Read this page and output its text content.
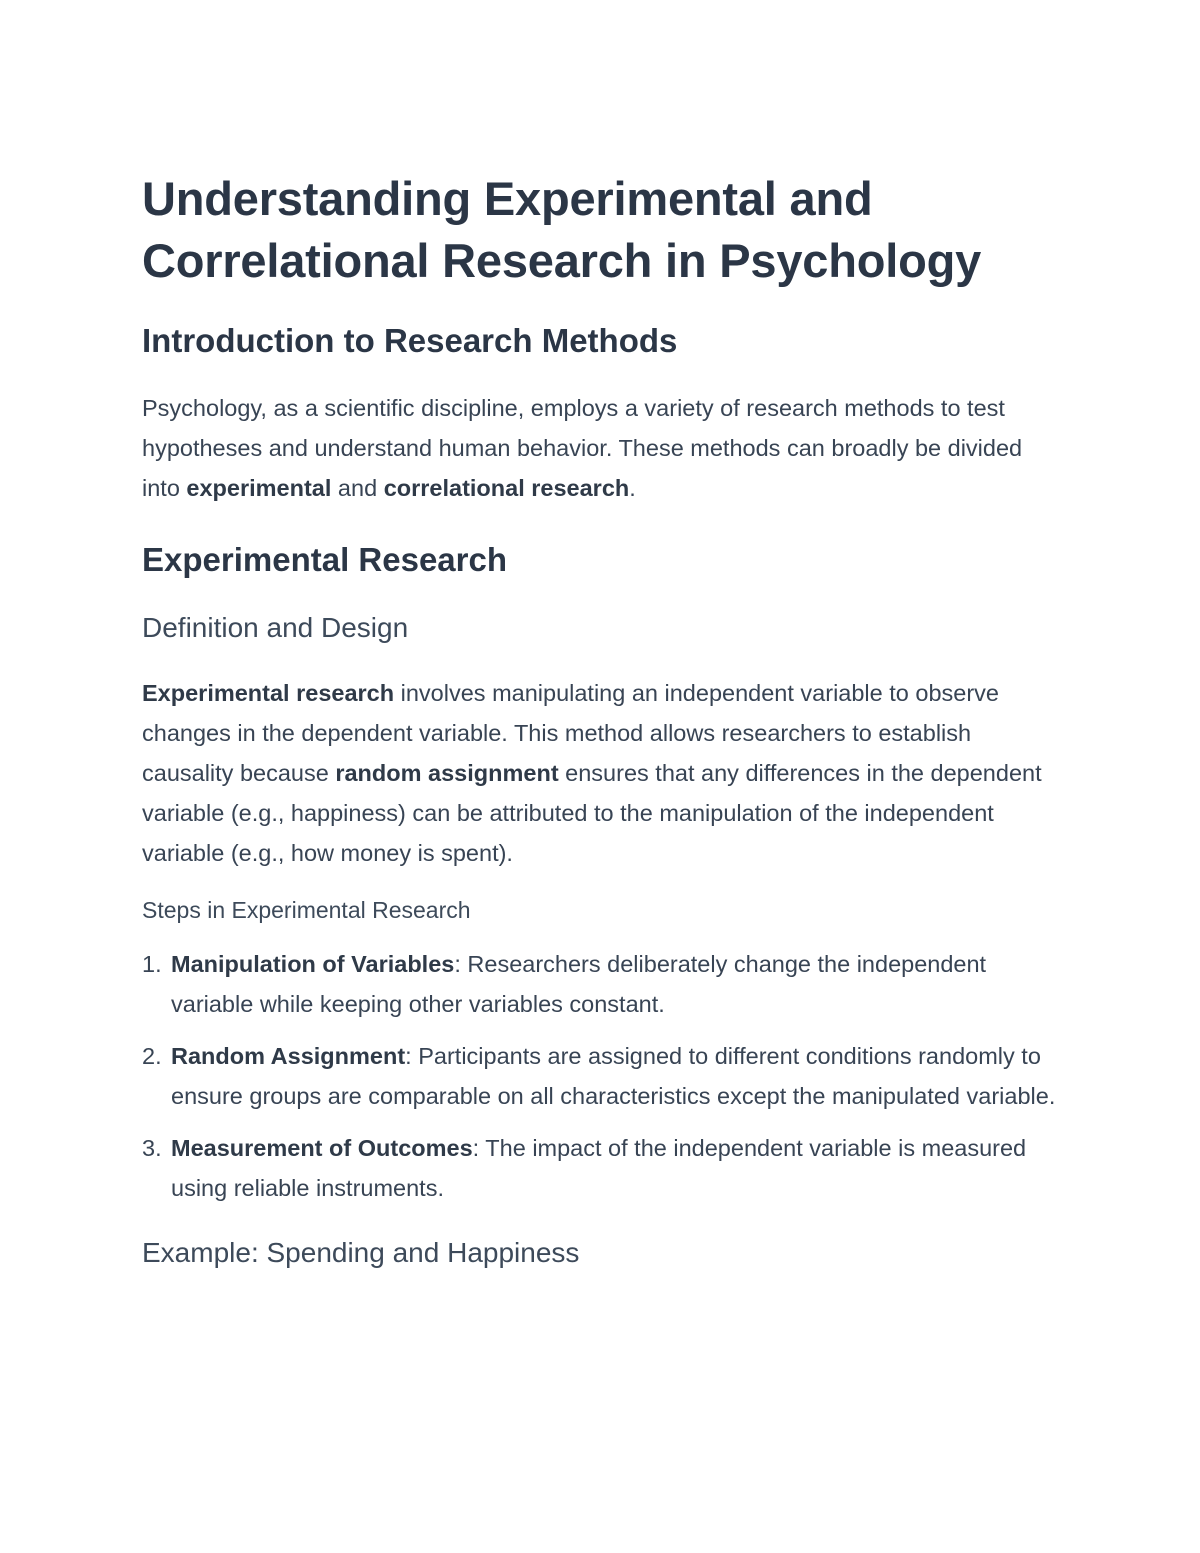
Understanding Experimental and
Correlational Research in Psychology
Introduction to Research Methods

Psychology, as a scientific discipline, employs a variety of research methods to test hypotheses and understand human behavior. These methods can broadly be divided into experimental and correlational research.

Experimental Research
Definition and Design

Experimental research involves manipulating an independent variable to observe changes in the dependent variable. This method allows researchers to establish causality because random assignment ensures that any differences in the dependent variable (e.g., happiness) can be attributed to the manipulation of the independent variable (e.g., how money is spent).

Steps in Experimental Research
1. Manipulation of Variables: Researchers deliberately change the independent variable while keeping other variables constant.
2. Random Assignment: Participants are assigned to different conditions randomly to ensure groups are comparable on all characteristics except the manipulated variable.
3. Measurement of Outcomes: The impact of the independent variable is measured using reliable instruments.
Example: Spending and Happiness
